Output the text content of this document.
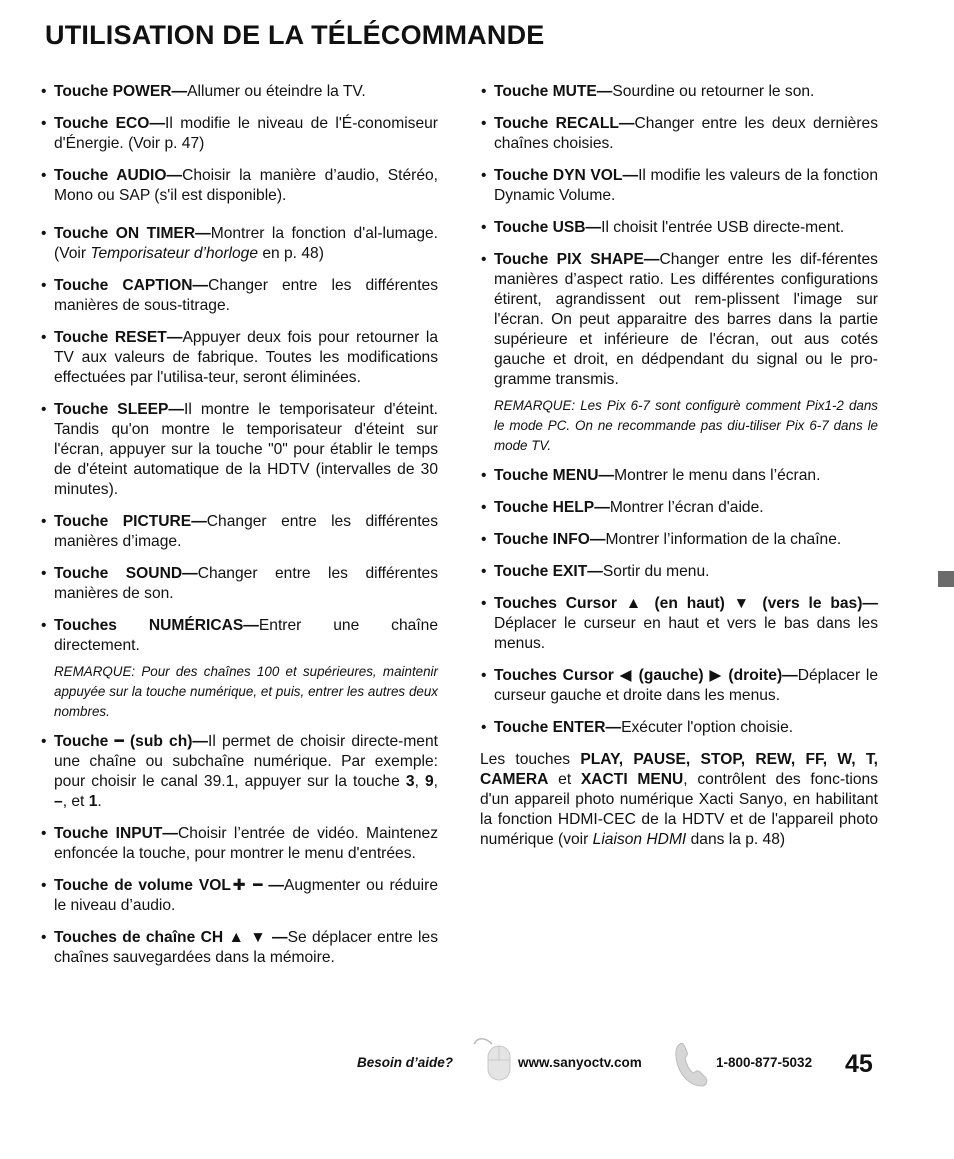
UTILISATION DE LA TÉLÉCOMMANDE
• Touche POWER—Allumer ou éteindre la TV.
• Touche ECO—Il modifie le niveau de l'É-conomiseur d'Énergie. (Voir p. 47)
• Touche AUDIO—Choisir la manière d’audio, Stéréo, Mono ou SAP (s'il est disponible).
• Touche ON TIMER—Montrer la fonction d'al-lumage. (Voir Temporisateur d’horloge en p. 48)
• Touche CAPTION—Changer entre les différentes manières de sous-titrage.
• Touche RESET—Appuyer deux fois pour retourner la TV aux valeurs de fabrique. Toutes les modifications effectuées par l'utilisa-teur, seront éliminées.
• Touche SLEEP—Il montre le temporisateur d'éteint. Tandis qu'on montre le temporisateur d'éteint sur l'écran, appuyer sur la touche "0" pour établir le temps de d'éteint automatique de la HDTV (intervalles de 30 minutes).
• Touche PICTURE—Changer entre les différentes manières d’image.
• Touche SOUND—Changer entre les différentes manières de son.
• Touches NUMÉRICAS—Entrer une chaîne directement.
REMARQUE: Pour des chaînes 100 et supérieures, maintenir appuyée sur la touche numérique, et puis, entrer les autres deux nombres.
• Touche ━ (sub ch)—Il permet de choisir directe-ment une chaîne ou subchaîne numérique. Par exemple: pour choisir le canal 39.1, appuyer sur la touche 3, 9, –, et 1.
• Touche INPUT—Choisir l’entrée de vidéo. Maintenez enfoncée la touche, pour montrer le menu d'entrées.
• Touche de volume VOL✚ ━ —Augmenter ou réduire le niveau d’audio.
• Touches de chaîne CH ▲ ▼ —Se déplacer entre les chaînes sauvegardées dans la mémoire.
• Touche MUTE—Sourdine ou retourner le son.
• Touche RECALL—Changer entre les deux dernières chaînes choisies.
• Touche DYN VOL—Il modifie les valeurs de la fonction Dynamic Volume.
• Touche USB—Il choisit l'entrée USB directe-ment.
• Touche PIX SHAPE—Changer entre les dif-férentes manières d’aspect ratio. Les différentes configurations étirent, agrandissent out rem-plissent l'image sur l'écran. On peut apparaitre des barres dans la partie supérieure et inférieure de l'écran, out aus cotés gauche et droit, en dédpendant du signal ou le pro-gramme transmis.
REMARQUE: Les Pix 6-7 sont configurè comment Pix1-2 dans le mode PC. On ne recommande pas diu-tiliser Pix 6-7 dans le mode TV.
• Touche MENU—Montrer le menu dans l’écran.
• Touche HELP—Montrer l’écran d'aide.
• Touche INFO—Montrer l’information de la chaîne.
• Touche EXIT—Sortir du menu.
• Touches Cursor ▲ (en haut) ▼ (vers le bas)—Déplacer le curseur en haut et vers le bas dans les menus.
• Touches Cursor ◀ (gauche) ▶ (droite)—Déplacer le curseur gauche et droite dans les menus.
• Touche ENTER—Exécuter l'option choisie.
Les touches PLAY, PAUSE, STOP, REW, FF, W, T, CAMERA et XACTI MENU, contrôlent des fonc-tions d'un appareil photo numérique Xacti Sanyo, en habilitant la fonction HDMI-CEC de la HDTV et de l'appareil photo numérique (voir Liaison HDMI dans la p. 48)
Besoin d’aide?	www.sanyoctv.com	1-800-877-5032 45
